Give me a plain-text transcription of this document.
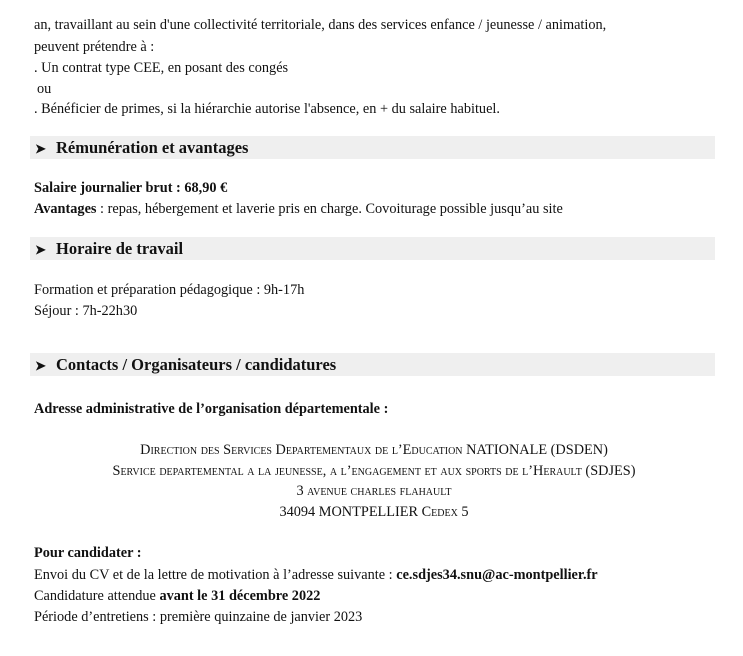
an, travaillant au sein d'une collectivité territoriale, dans des services enfance / jeunesse / animation,
peuvent prétendre à :
. Un contrat type CEE, en posant des congés
ou
. Bénéficier de primes, si la hiérarchie autorise l'absence, en + du salaire habituel.
➤ Rémunération et avantages
Salaire journalier brut : 68,90 €
Avantages : repas, hébergement et laverie pris en charge. Covoiturage possible jusqu’au site
➤ Horaire de travail
Formation et préparation pédagogique : 9h-17h
Séjour : 7h-22h30
➤ Contacts / Organisateurs / candidatures
Adresse administrative de l’organisation départementale :
Direction des Services Departementaux de l’Education NATIONALE (DSDEN)
Service departemental a la jeunesse, a l’engagement et aux sports de l’Herault (SDJES)
3 avenue charles flahault
34094 MONTPELLIER Cedex 5
Pour candidater :
Envoi du CV et de la lettre de motivation à l’adresse suivante : ce.sdjes34.snu@ac-montpellier.fr
Candidature attendue avant le 31 décembre 2022
Période d’entretiens : première quinzaine de janvier 2023
